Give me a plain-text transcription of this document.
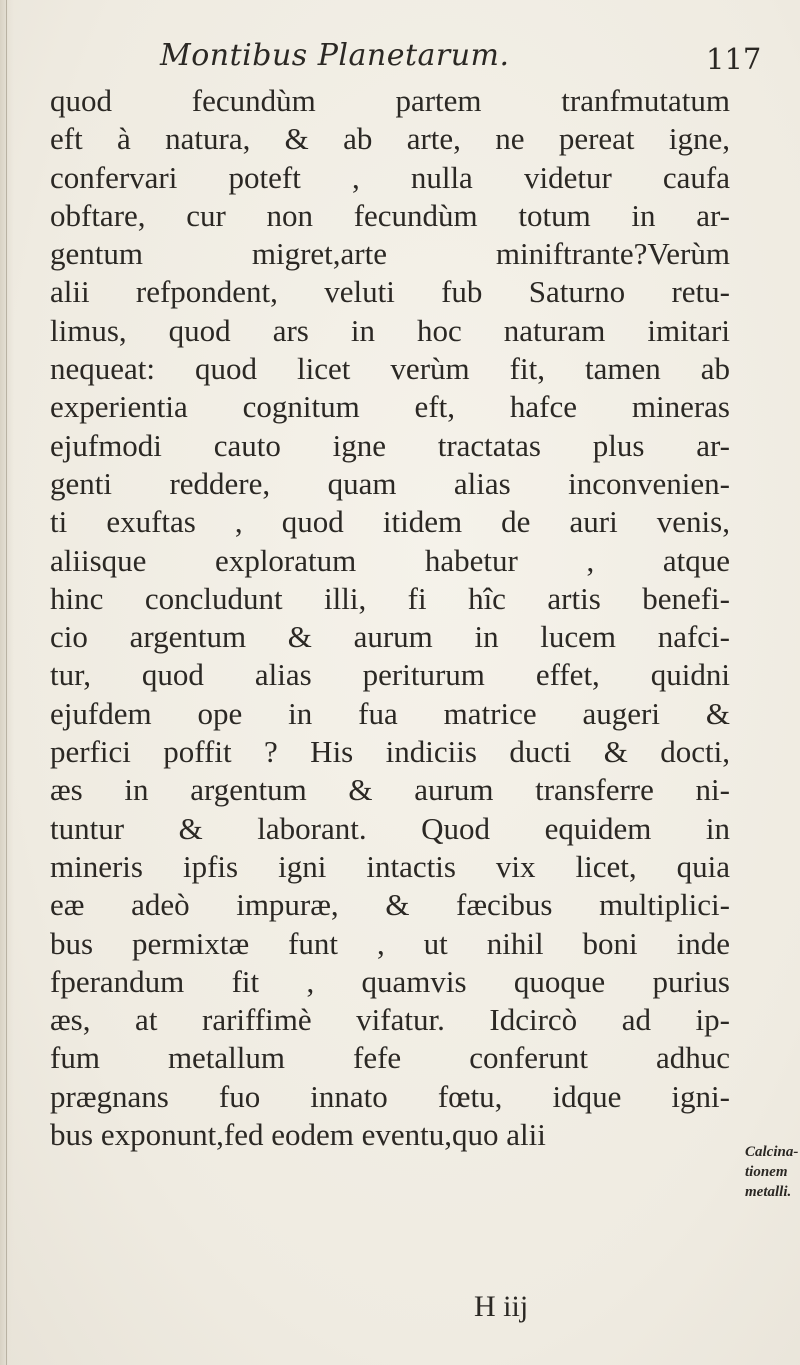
Montibus Planetarum.	117
quod fecundùm partem tranfmutatum
eft à natura, & ab arte, ne pereat igne,
confervari poteft , nulla videtur caufa
obftare, cur non fecundùm totum in ar-
gentum migret,arte miniftrante?Verùm
alii refpondent, veluti fub Saturno retu-
limus, quod ars in hoc naturam imitari
nequeat: quod licet verùm fit, tamen ab
experientia cognitum eft, hafce mineras
ejufmodi cauto igne tractatas plus ar-
genti reddere, quam alias inconvenien-
ti exuftas , quod itidem de auri venis,
aliisque exploratum habetur , atque
hinc concludunt illi, fi hîc artis benefi-
cio argentum & aurum in lucem nafci-
tur, quod alias periturum effet, quidni
ejufdem ope in fua matrice augeri &
perfici poffit ? His indiciis ducti & docti,
æs in argentum & aurum transferre ni-
tuntur & laborant. Quod equidem in
mineris ipfis igni intactis vix licet, quia
eæ adeò impuræ, & fæcibus multiplici-
bus permixtæ funt , ut nihil boni inde
fperandum fit , quamvis quoque purius
æs, at rariffimè vifatur. Idcircò ad ip-
fum metallum fefe conferunt adhuc
prægnans fuo innato fœtu, idque igni-
bus exponunt,fed eodem eventu,quo alii	Calcina-
tionem
metalli.
H iij
